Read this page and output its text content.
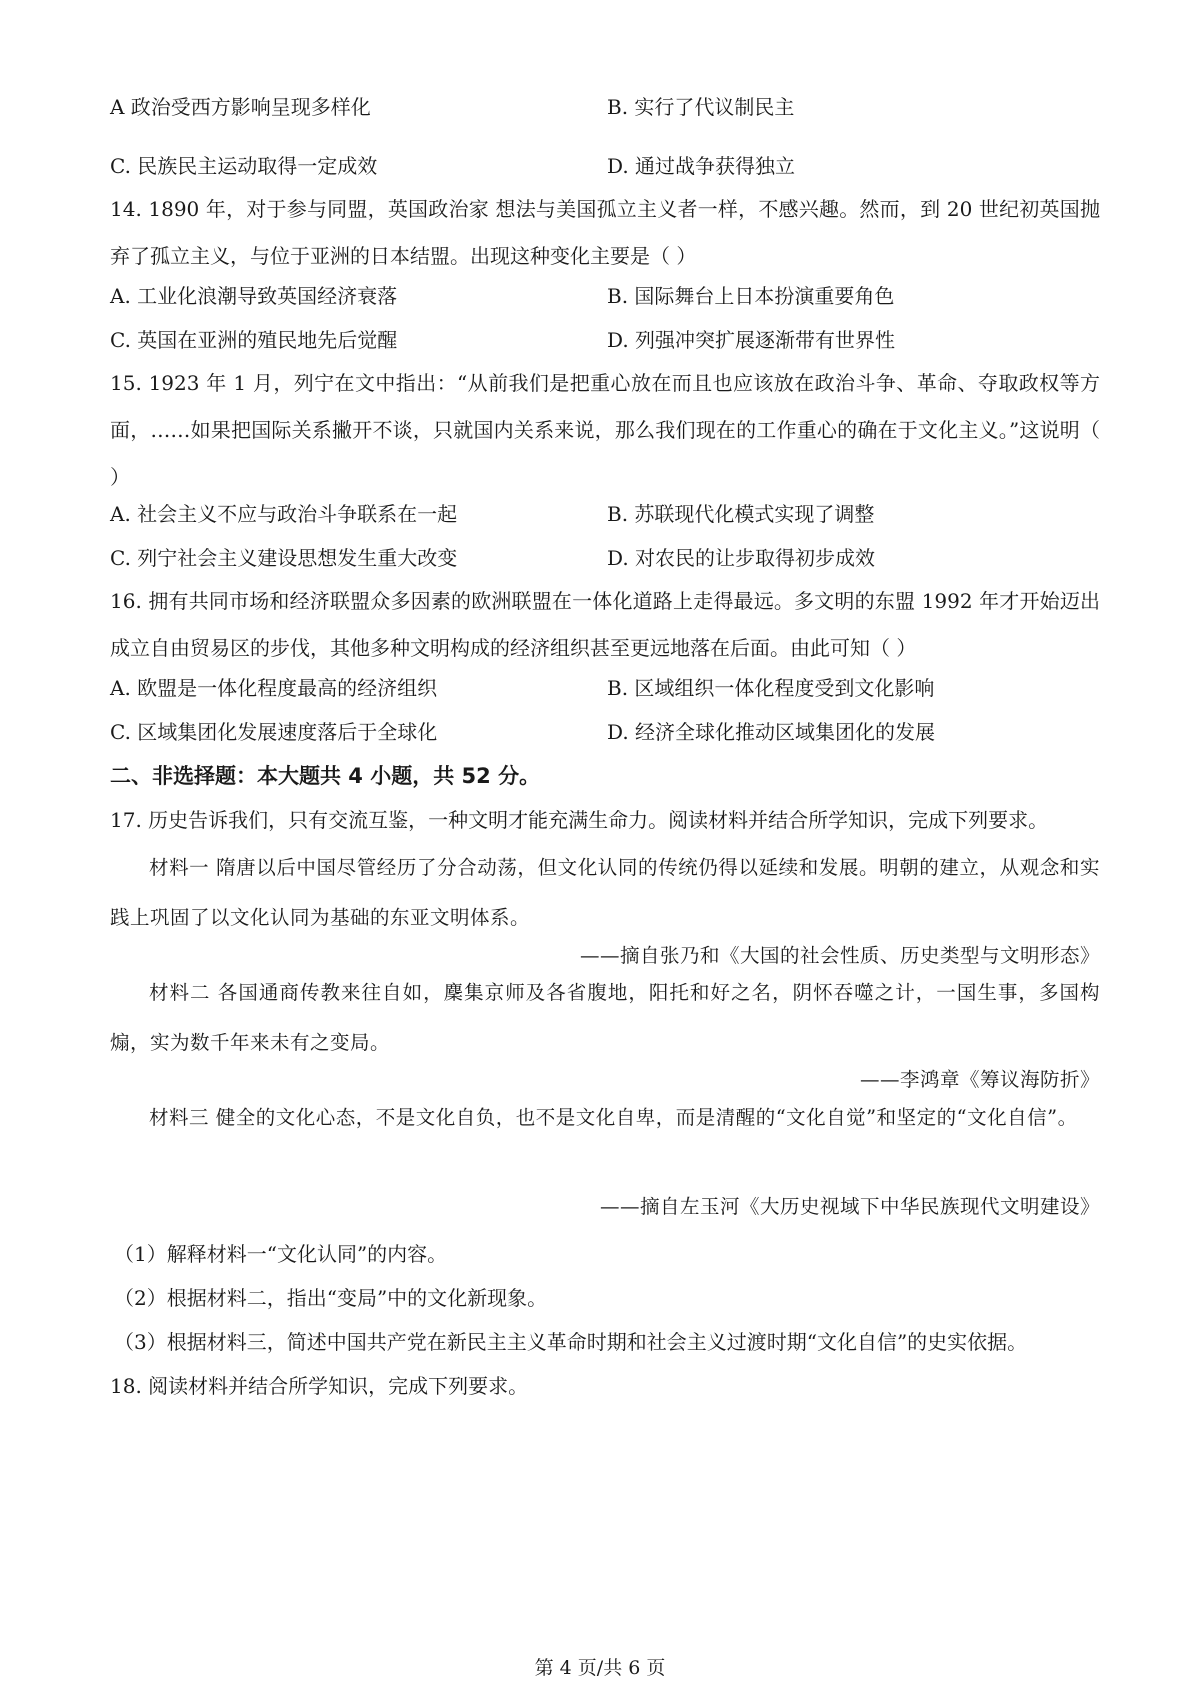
A 政治受西方影响呈现多样化	B. 实行了代议制民主
C. 民族民主运动取得一定成效	D. 通过战争获得独立
14. 1890 年，对于参与同盟，英国政治家 想法与美国孤立主义者一样，不感兴趣。然而，到 20 世纪初英国抛弃了孤立主义，与位于亚洲的日本结盟。出现这种变化主要是（ ）
A. 工业化浪潮导致英国经济衰落	B. 国际舞台上日本扮演重要角色
C. 英国在亚洲的殖民地先后觉醒	D. 列强冲突扩展逐渐带有世界性
15. 1923 年 1 月，列宁在文中指出：“从前我们是把重心放在而且也应该放在政治斗争、革命、夺取政权等方面，……如果把国际关系撇开不谈，只就国内关系来说，那么我们现在的工作重心的确在于文化主义。”这说明（ ）
A. 社会主义不应与政治斗争联系在一起	B. 苏联现代化模式实现了调整
C. 列宁社会主义建设思想发生重大改变	D. 对农民的让步取得初步成效
16. 拥有共同市场和经济联盟众多因素的欧洲联盟在一体化道路上走得最远。多文明的东盟 1992 年才开始迈出成立自由贸易区的步伐，其他多种文明构成的经济组织甚至更远地落在后面。由此可知（ ）
A. 欧盟是一体化程度最高的经济组织	B. 区域组织一体化程度受到文化影响
C. 区域集团化发展速度落后于全球化	D. 经济全球化推动区域集团化的发展
二、非选择题：本大题共 4 小题，共 52 分。
17. 历史告诉我们，只有交流互鉴，一种文明才能充满生命力。阅读材料并结合所学知识，完成下列要求。
材料一 隋唐以后中国尽管经历了分合动荡，但文化认同的传统仍得以延续和发展。明朝的建立，从观念和实践上巩固了以文化认同为基础的东亚文明体系。
——摘自张乃和《大国的社会性质、历史类型与文明形态》
材料二 各国通商传教来往自如，麇集京师及各省腹地，阳托和好之名，阴怀吞噬之计，一国生事，多国构煽，实为数千年来未有之变局。
——李鸿章《筹议海防折》
材料三 健全的文化心态，不是文化自负，也不是文化自卑，而是清醒的“文化自觉”和坚定的“文化自信”。
——摘自左玉河《大历史视域下中华民族现代文明建设》
（1）解释材料一“文化认同”的内容。
（2）根据材料二，指出“变局”中的文化新现象。
（3）根据材料三，简述中国共产党在新民主主义革命时期和社会主义过渡时期“文化自信”的史实依据。
18. 阅读材料并结合所学知识，完成下列要求。
第 4 页/共 6 页
